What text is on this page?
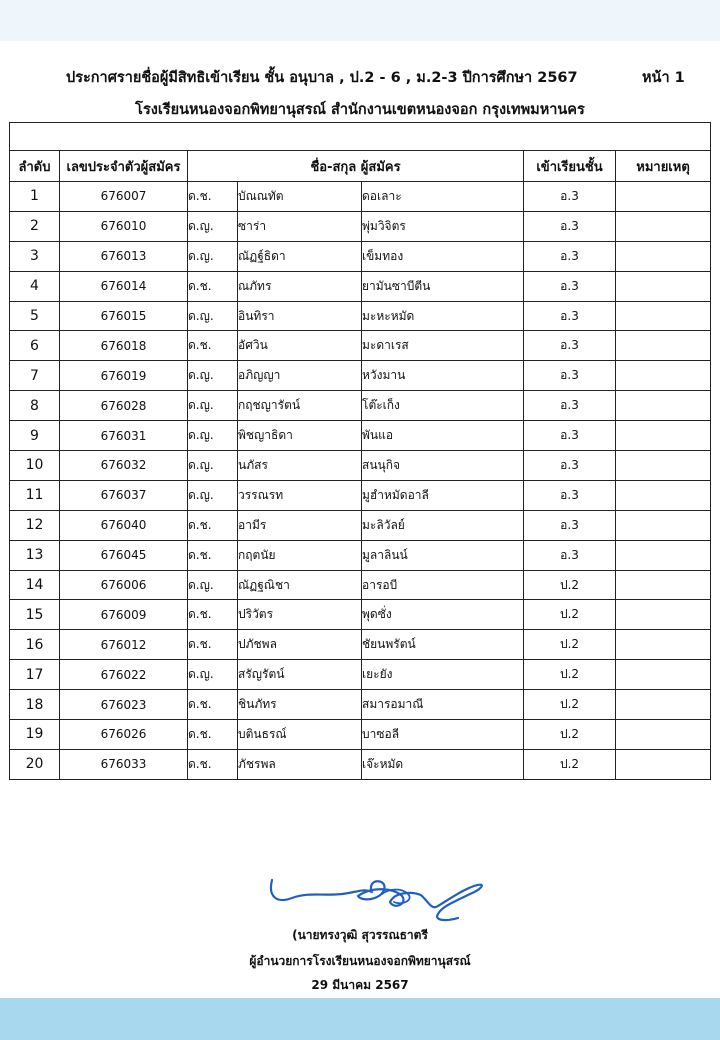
ประกาศรายชื่อผู้มีสิทธิเข้าเรียน ชั้น อนุบาล , ป.2 - 6 , ม.2-3 ปีการศึกษา 2567	หน้า 1
โรงเรียนหนองจอกพิทยานุสรณ์ สำนักงานเขตหนองจอก กรุงเทพมหานคร

ลำดับ	เลขประจำตัวผู้สมัคร	ชื่อ-สกุล ผู้สมัคร			เข้าเรียนชั้น	หมายเหตุ
1	676007	ด.ช.	บัณณทัต	ดอเลาะ	อ.3	
2	676010	ด.ญ.	ซาร่า	พุ่มวิจิตร	อ.3	
3	676013	ด.ญ.	ณัฏฐ์ธิดา	เข็มทอง	อ.3	
4	676014	ด.ช.	ณภัทร	ยามันซาบีตีน	อ.3	
5	676015	ด.ญ.	อินทิรา	มะหะหมัด	อ.3	
6	676018	ด.ช.	อัศวิน	มะดาเรส	อ.3	
7	676019	ด.ญ.	อภิญญา	หวังมาน	อ.3	
8	676028	ด.ญ.	กฤชญารัตน์	โต๊ะเก็ง	อ.3	
9	676031	ด.ญ.	พิชญาธิดา	พันแอ	อ.3	
10	676032	ด.ญ.	นภัสร	สนนุกิจ	อ.3	
11	676037	ด.ญ.	วรรณรท	มูฮำหมัดอาลี	อ.3	
12	676040	ด.ช.	อามีร	มะลิวัลย์	อ.3	
13	676045	ด.ช.	กฤตนัย	มูลาลินน์	อ.3	
14	676006	ด.ญ.	ณัฏฐณิชา	อารอบี	ป.2	
15	676009	ด.ช.	ปริวัตร	พุดซั่ง	ป.2	
16	676012	ด.ช.	ปภัชพล	ชัยนพรัตน์	ป.2	
17	676022	ด.ญ.	สรัญรัตน์	เยะยัง	ป.2	
18	676023	ด.ช.	ชินภัทร	สมารอมาณี	ป.2	
19	676026	ด.ช.	บตินธรณ์	บาซอลี	ป.2	
20	676033	ด.ช.	ภัชรพล	เจ๊ะหมัด	ป.2	
(นายทรงวุฒิ สุวรรณธาตรี
ผู้อำนวยการโรงเรียนหนองจอกพิทยานุสรณ์
29 มีนาคม 2567
